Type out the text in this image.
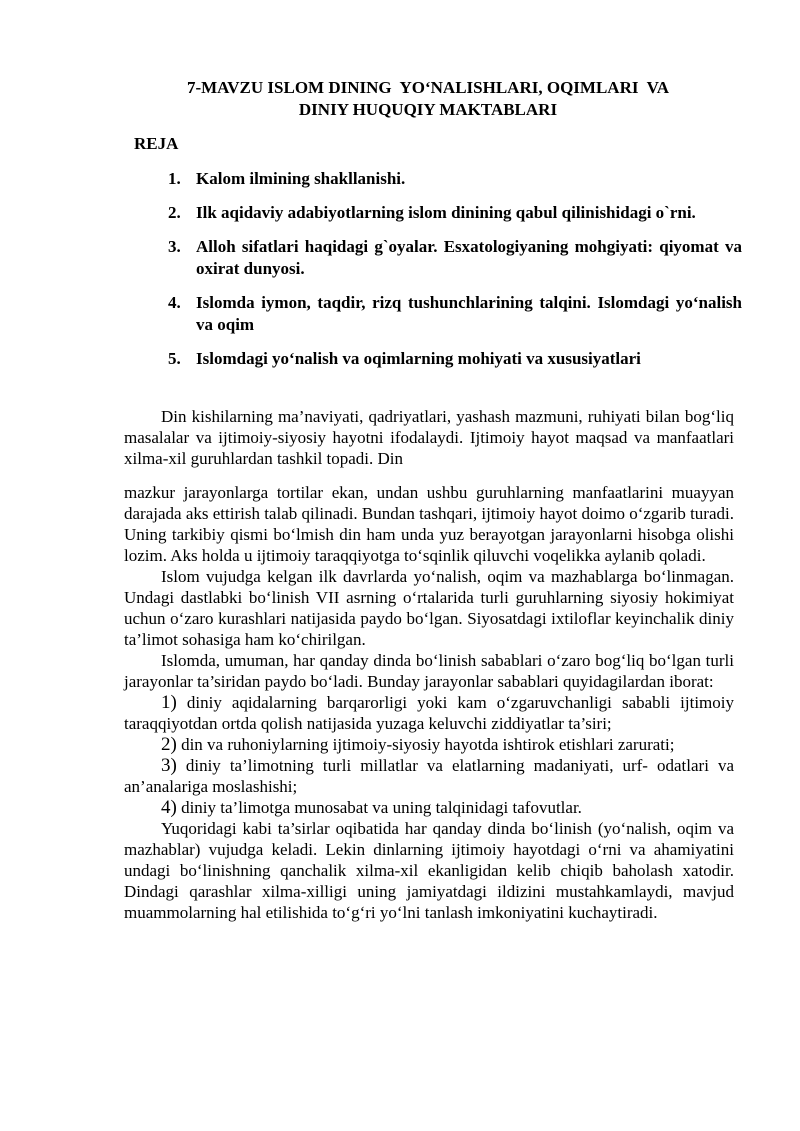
7-MAVZU ISLOM DINING  YO‘NALISHLARI, OQIMLARI  VA
DINIY HUQUQIY MAKTABLARI
REJA
1. Kalom ilmining shakllanishi.
2. Ilk aqidaviy adabiyotlarning islom dinining qabul qilinishidagi o`rni.
3. Alloh sifatlari haqidagi g`oyalar. Esxatologiyaning mohgiyati: qiyomat va oxirat dunyosi.
4. Islomda iymon, taqdir, rizq tushunchlarining talqini. Islomdagi yo‘nalish va oqim
5. Islomdagi yo‘nalish va oqimlarning mohiyati va xususiyatlari

Din kishilarning ma’naviyati, qadriyatlari, yashash mazmuni, ruhiyati bilan bog‘liq masalalar va ijtimoiy-siyosiy hayotni ifodalaydi. Ijtimoiy hayot maqsad va manfaatlari xilma-xil guruhlardan tashkil topadi. Din

mazkur jarayonlarga tortilar ekan, undan ushbu guruhlarning manfaatlarini muayyan darajada aks ettirish talab qilinadi. Bundan tashqari, ijtimoiy hayot doimo o‘zgarib turadi. Uning tarkibiy qismi bo‘lmish din ham unda yuz berayotgan jarayonlarni hisobga olishi lozim. Aks holda u ijtimoiy taraqqiyotga to‘sqinlik qiluvchi voqelikka aylanib qoladi.

Islom vujudga kelgan ilk davrlarda yo‘nalish, oqim va mazhablarga bo‘linmagan. Undagi dastlabki bo‘linish VII asrning o‘rtalarida turli guruhlarning siyosiy hokimiyat uchun o‘zaro kurashlari natijasida paydo bo‘lgan. Siyosatdagi ixtiloflar keyinchalik diniy ta’limot sohasiga ham ko‘chirilgan.

Islomda, umuman, har qanday dinda bo‘linish sabablari o‘zaro bog‘liq bo‘lgan turli jarayonlar ta’siridan paydo bo‘ladi. Bunday jarayonlar sabablari quyidagilardan iborat:

1) diniy aqidalarning barqarorligi yoki kam o‘zgaruvchanligi sababli ijtimoiy taraqqiyotdan ortda qolish natijasida yuzaga keluvchi ziddiyatlar ta’siri;

2) din va ruhoniylarning ijtimoiy-siyosiy hayotda ishtirok etishlari zarurati;

3) diniy ta’limotning turli millatlar va elatlarning madaniyati, urf- odatlari va an’analariga moslashishi;

4) diniy ta’limotga munosabat va uning talqinidagi tafovutlar.

Yuqoridagi kabi ta’sirlar oqibatida har qanday dinda bo‘linish (yo‘nalish, oqim va mazhablar) vujudga keladi. Lekin dinlarning ijtimoiy hayotdagi o‘rni va ahamiyatini undagi bo‘linishning qanchalik xilma-xil ekanligidan kelib chiqib baholash xatodir. Dindagi qarashlar xilma-xilligi uning jamiyatdagi ildizini mustahkamlaydi, mavjud muammolarning hal etilishida to‘g‘ri yo‘lni tanlash imkoniyatini kuchaytiradi.
